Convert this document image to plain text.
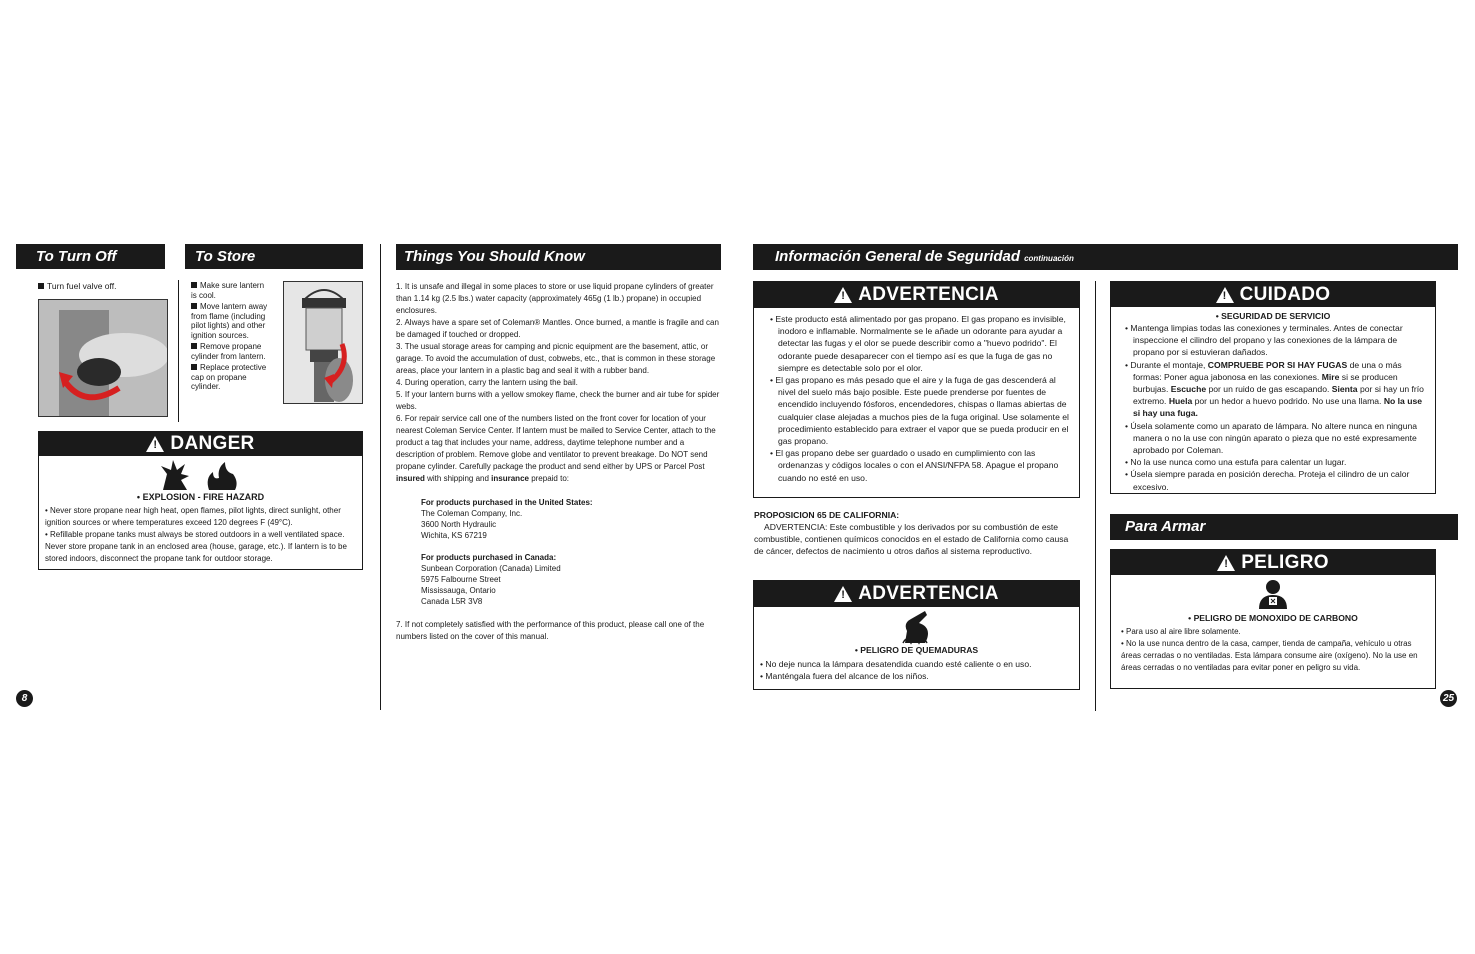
To Turn Off
Turn fuel valve off.
To Store

Make sure lantern is cool.

Move lantern away from flame (including pilot lights) and other ignition sources.

Remove propane cylinder from lantern.

Replace protective cap on propane cylinder.

!
DANGER
• EXPLOSION - FIRE HAZARD

• Never store propane near high heat, open flames, pilot lights, direct sunlight, other ignition sources or where temperatures exceed 120 degrees F (49°C).

• Refillable propane tanks must always be stored outdoors in a well ventilated space. Never store propane tank in an enclosed area (house, garage, etc.). If lantern is to be stored indoors, disconnect the propane tank for outdoor storage.

Things You Should Know

1. It is unsafe and illegal in some places to store or use liquid propane cylinders of greater than 1.14 kg (2.5 lbs.) water capacity (approximately 465g (1 lb.) propane) in occupied enclosures.

2. Always have a spare set of Coleman® Mantles. Once burned, a mantle is fragile and can be damaged if touched or dropped.

3. The usual storage areas for camping and picnic equipment are the basement, attic, or garage. To avoid the accumulation of dust, cobwebs, etc., that is common in these storage areas, place your lantern in a plastic bag and seal it with a rubber band.

4. During operation, carry the lantern using the bail.

5. If your lantern burns with a yellow smokey flame, check the burner and air tube for spider webs.

6. For repair service call one of the numbers listed on the front cover for location of your nearest Coleman Service Center. If lantern must be mailed to Service Center, attach to the product a tag that includes your name, address, daytime telephone number and a description of problem. Remove globe and ventilator to prevent breakage. Do NOT send propane cylinder. Carefully package the product and send either by UPS or Parcel Post insured with shipping and insurance prepaid to:

For products purchased in the United States:

The Coleman Company, Inc.

3600 North Hydraulic

Wichita, KS 67219

For products purchased in Canada:

Sunbean Corporation (Canada) Limited

5975 Falbourne Street

Mississauga, Ontario

Canada L5R 3V8

7. If not completely satisfied with the performance of this product, please call one of the numbers listed on the cover of this manual.

8
Información General de Seguridad continuación
!
ADVERTENCIA

• Este producto está alimentado por gas propano. El gas propano es invisible, inodoro e inflamable. Normalmente se le añade un odorante para ayudar a detectar las fugas y el olor se puede describir como a "huevo podrido". El odorante puede desaparecer con el tiempo así es que la fuga de gas no siempre es detectable solo por el olor.

• El gas propano es más pesado que el aire y la fuga de gas descenderá al nivel del suelo más bajo posible. Este puede prenderse por fuentes de encendido incluyendo fósforos, encendedores, chispas o llamas abiertas de cualquier clase alejadas a muchos pies de la fuga original. Use solamente el procedimiento establecido para extraer el vapor que se pueda producir en el gas propano.

• El gas propano debe ser guardado o usado en cumplimiento con las ordenanzas y códigos locales o con el ANSI/NFPA 58. Apague el propano cuando no esté en uso.

PROPOSICION 65 DE CALIFORNIA:

ADVERTENCIA: Este combustible y los derivados por su combustión de este combustible, contienen químicos conocidos en el estado de California como causa de cáncer, defectos de nacimiento u otros daños al sistema reproductivo.

!
ADVERTENCIA
• PELIGRO DE QUEMADURAS

• No deje nunca la lámpara desatendida cuando esté caliente o en uso.

• Manténgala fuera del alcance de los niños.

!
CUIDADO
• SEGURIDAD DE SERVICIO

• Mantenga limpias todas las conexiones y terminales. Antes de conectar inspeccione el cilindro del propano y las conexiones de la lámpara de propano por si estuvieran dañados.

• Durante el montaje, COMPRUEBE POR SI HAY FUGAS de una o más formas: Poner agua jabonosa en las conexiones. Mire si se producen burbujas. Escuche por un ruido de gas escapando. Sienta por si hay un frío extremo. Huela por un hedor a huevo podrido. No use una llama. No la use si hay una fuga.

• Úsela solamente como un aparato de lámpara. No altere nunca en ninguna manera o no la use con ningún aparato o pieza que no esté expresamente aprobado por Coleman.

• No la use nunca como una estufa para calentar un lugar.

• Úsela siempre parada en posición derecha. Proteja el cilindro de un calor excesivo.

Para Armar
!
PELIGRO
• PELIGRO DE MONOXIDO DE CARBONO

• Para uso al aire libre solamente.

• No la use nunca dentro de la casa, camper, tienda de campaña, vehículo u otras áreas cerradas o no ventiladas. Esta lámpara consume aire (oxígeno). No la use en áreas cerradas o no ventiladas para evitar poner en peligro su vida.

25
